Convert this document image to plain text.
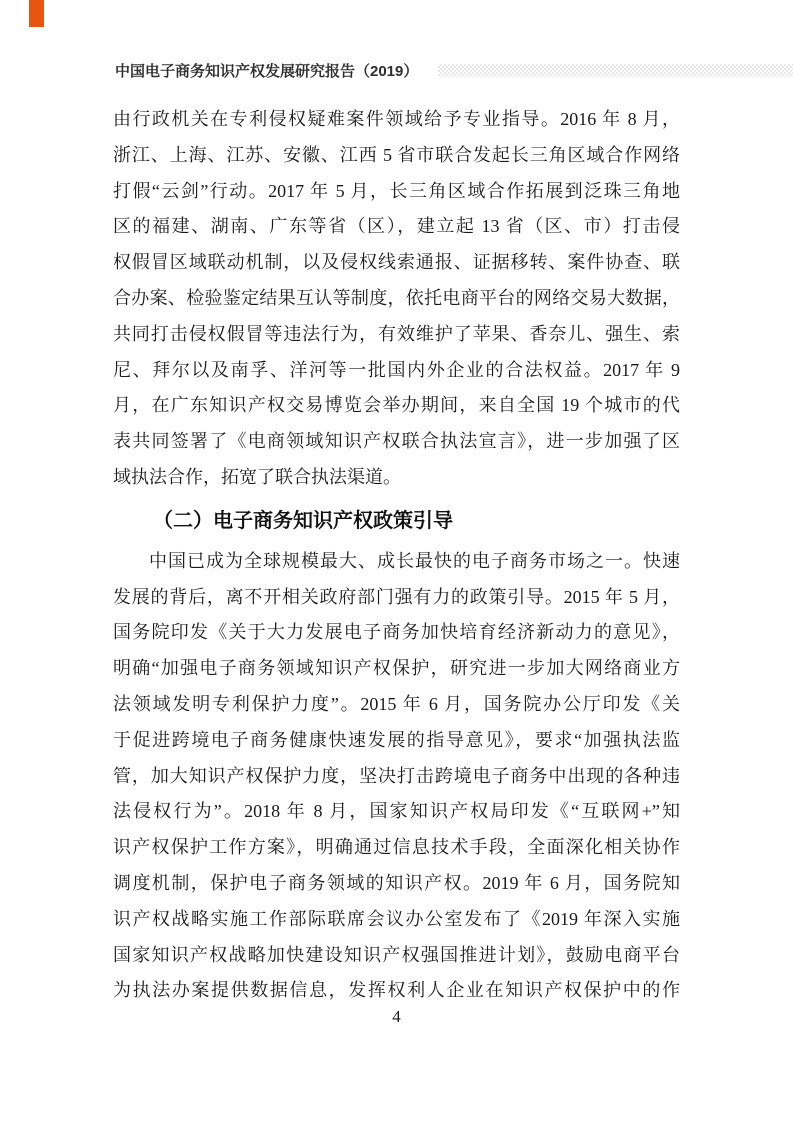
中国电子商务知识产权发展研究报告（2019）
由行政机关在专利侵权疑难案件领域给予专业指导。2016 年 8 月，
浙江、上海、江苏、安徽、江西 5 省市联合发起长三角区域合作网络
打假“云剑”行动。2017 年 5 月，长三角区域合作拓展到泛珠三角地
区的福建、湖南、广东等省（区），建立起 13 省（区、市）打击侵
权假冒区域联动机制，以及侵权线索通报、证据移转、案件协查、联
合办案、检验鉴定结果互认等制度，依托电商平台的网络交易大数据，
共同打击侵权假冒等违法行为，有效维护了苹果、香奈儿、强生、索
尼、拜尔以及南孚、洋河等一批国内外企业的合法权益。2017 年 9
月，在广东知识产权交易博览会举办期间，来自全国 19 个城市的代
表共同签署了《电商领域知识产权联合执法宣言》，进一步加强了区
域执法合作，拓宽了联合执法渠道。
（二）电子商务知识产权政策引导
中国已成为全球规模最大、成长最快的电子商务市场之一。快速
发展的背后，离不开相关政府部门强有力的政策引导。2015 年 5 月，
国务院印发《关于大力发展电子商务加快培育经济新动力的意见》，
明确“加强电子商务领域知识产权保护，研究进一步加大网络商业方
法领域发明专利保护力度”。2015 年 6 月，国务院办公厅印发《关
于促进跨境电子商务健康快速发展的指导意见》，要求“加强执法监
管，加大知识产权保护力度，坚决打击跨境电子商务中出现的各种违
法侵权行为”。2018 年 8 月，国家知识产权局印发《“互联网+”知
识产权保护工作方案》，明确通过信息技术手段，全面深化相关协作
调度机制，保护电子商务领域的知识产权。2019 年 6 月，国务院知
识产权战略实施工作部际联席会议办公室发布了《2019 年深入实施
国家知识产权战略加快建设知识产权强国推进计划》，鼓励电商平台
为执法办案提供数据信息，发挥权利人企业在知识产权保护中的作
4
